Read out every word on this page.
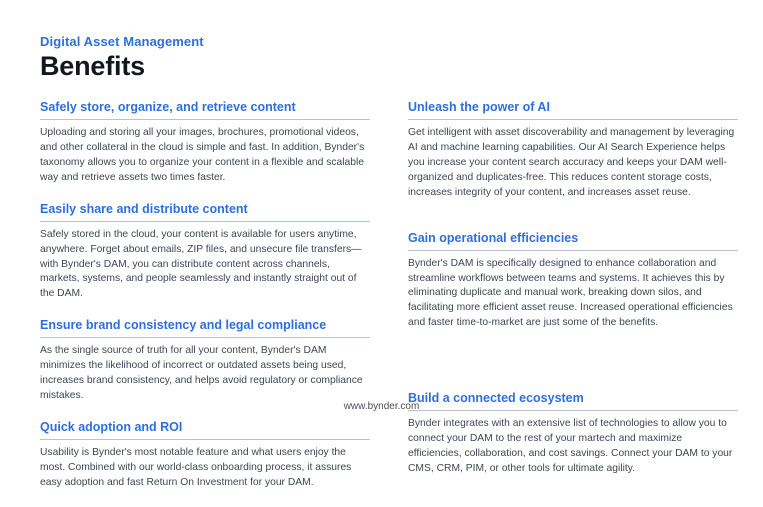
Digital Asset Management
Benefits
Safely store, organize, and retrieve content

Uploading and storing all your images, brochures, promotional videos, and other collateral in the cloud is simple and fast. In addition, Bynder's taxonomy allows you to organize your content in a flexible and scalable way and retrieve assets two times faster.

Easily share and distribute content

Safely stored in the cloud, your content is available for users anytime, anywhere. Forget about emails, ZIP files, and unsecure file transfers—with Bynder's DAM, you can distribute content across channels, markets, systems, and people seamlessly and instantly straight out of the DAM.

Ensure brand consistency and legal compliance

As the single source of truth for all your content, Bynder's DAM minimizes the likelihood of incorrect or outdated assets being used, increases brand consistency, and helps avoid regulatory or compliance mistakes.

Quick adoption and ROI

Usability is Bynder's most notable feature and what users enjoy the most. Combined with our world-class onboarding process, it assures easy adoption and fast Return On Investment for your DAM.

Unleash the power of AI

Get intelligent with asset discoverability and management by leveraging AI and machine learning capabilities. Our AI Search Experience helps you increase your content search accuracy and keeps your DAM well-organized and duplicates-free. This reduces content storage costs, increases integrity of your content, and increases asset reuse.

Gain operational efficiencies

Bynder's DAM is specifically designed to enhance collaboration and streamline workflows between teams and systems. It achieves this by eliminating duplicate and manual work, breaking down silos, and facilitating more efficient asset reuse. Increased operational efficiencies and faster time-to-market are just some of the benefits.

Build a connected ecosystem

Bynder integrates with an extensive list of technologies to allow you to connect your DAM to the rest of your martech and maximize efficiencies, collaboration, and cost savings. Connect your DAM to your CMS, CRM, PIM, or other tools for ultimate agility.

www.bynder.com
